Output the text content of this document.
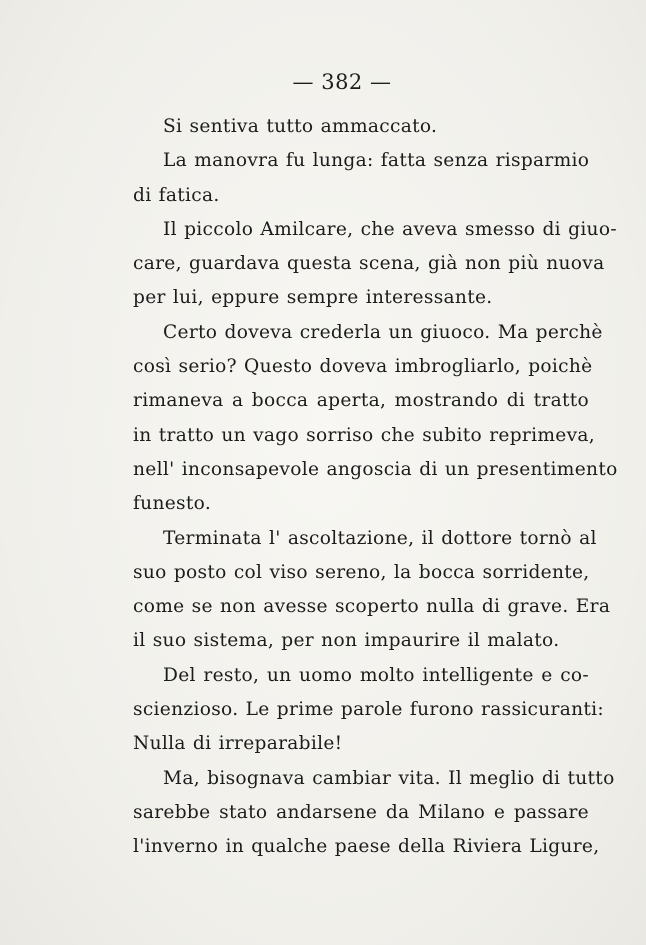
— 382 —

Si sentiva tutto ammaccato.

La manovra fu lunga: fatta senza risparmio

di fatica.

Il piccolo Amilcare, che aveva smesso di giuo-

care, guardava questa scena, già non più nuova

per lui, eppure sempre interessante.

Certo doveva crederla un giuoco. Ma perchè

così serio? Questo doveva imbrogliarlo, poichè

rimaneva a bocca aperta, mostrando di tratto

in tratto un vago sorriso che subito reprimeva,

nell' inconsapevole angoscia di un presentimento

funesto.

Terminata l' ascoltazione, il dottore tornò al

suo posto col viso sereno, la bocca sorridente,

come se non avesse scoperto nulla di grave. Era

il suo sistema, per non impaurire il malato.

Del resto, un uomo molto intelligente e co-

scienzioso. Le prime parole furono rassicuranti:

Nulla di irreparabile!

Ma, bisognava cambiar vita. Il meglio di tutto

sarebbe stato andarsene da Milano e passare

l'inverno in qualche paese della Riviera Ligure,
